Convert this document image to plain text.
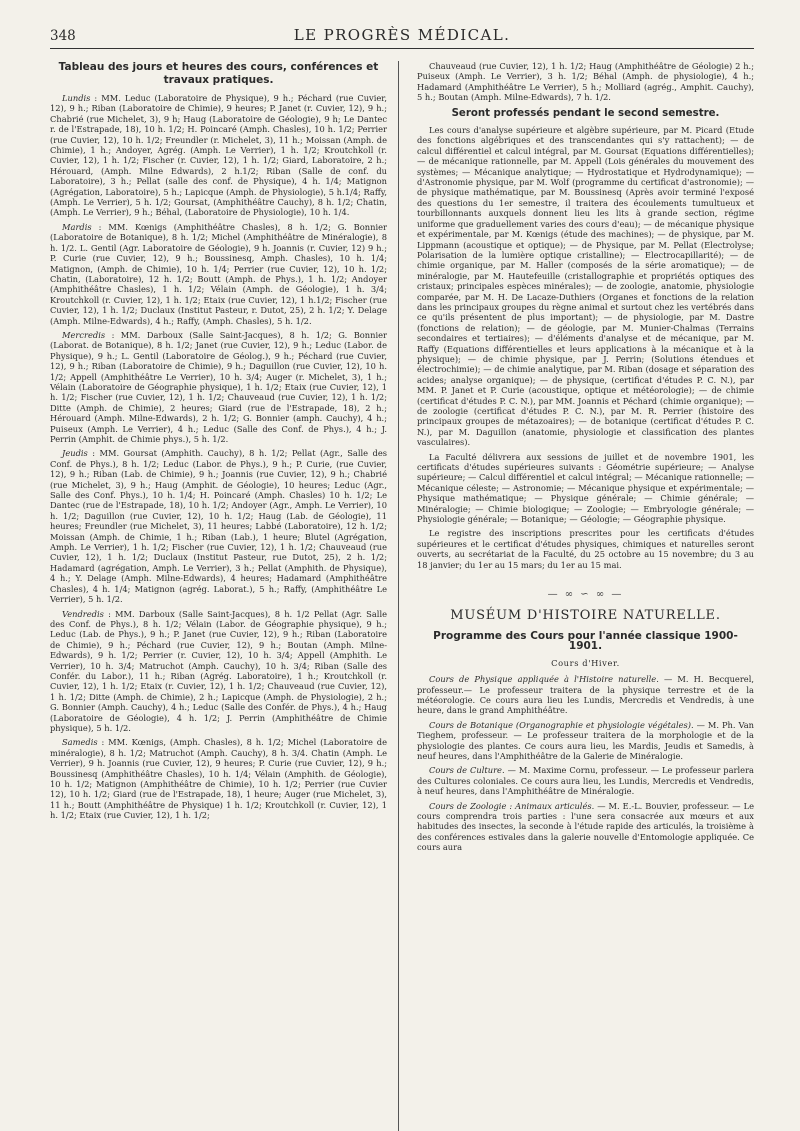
348	LE PROGRÈS MÉDICAL.
Tableau des jours et heures des cours, conférences et travaux pratiques.

Lundis : MM. Leduc (Laboratoire de Physique), 9 h.; Péchard (rue Cuvier, 12), 9 h.; Riban (Laboratoire de Chimie), 9 heures; P. Janet (r. Cuvier, 12), 9 h.; Chabrié (rue Michelet, 3), 9 h; Haug (Laboratoire de Géologie), 9 h; Le Dantec r. de l'Estrapade, 18), 10 h. 1/2; H. Poincaré (Amph. Chasles), 10 h. 1/2; Perrier (rue Cuvier, 12), 10 h. 1/2; Freundler (r. Michelet, 3), 11 h.; Moissan (Amph. de Chimie), 1 h.; Andoyer, Agrég. (Amph. Le Verrier), 1 h. 1/2; Kroutchkoll (r. Cuvier, 12), 1 h. 1/2; Fischer (r. Cuvier, 12), 1 h. 1/2; Giard, Laboratoire, 2 h.; Hérouard, (Amph. Milne Edwards), 2 h.1/2; Riban (Salle de conf. du Laboratoire), 3 h.; Pellat (salle des conf. de Physique), 4 h. 1/4; Matignon (Agrégation, Laboratoire), 5 h.; Lapicque (Amph. de Physiologie), 5 h.1/4; Raffy, (Amph. Le Verrier), 5 h. 1/2; Goursat, (Amphithéâtre Cauchy), 8 h. 1/2; Chatin, (Amph. Le Verrier), 9 h.; Béhal, (Laboratoire de Physiologie), 10 h. 1/4.

Mardis : MM. Kœnigs (Amphithéâtre Chasles), 8 h. 1/2; G. Bonnier (Laboratoire de Botanique), 8 h. 1/2; Michel (Amphithéâtre de Minéralogie), 8 h. 1/2. L. Gentil (Agr. Laboratoire de Géologie), 9 h. Joannis (r. Cuvier, 12) 9 h.; P. Curie (rue Cuvier, 12), 9 h.; Boussinesq, Amph. Chasles), 10 h. 1/4; Matignon, (Amph. de Chimie), 10 h. 1/4; Perrier (rue Cuvier, 12), 10 h. 1/2; Chatin, (Laboratoire), 12 h. 1/2; Boutt (Amph. de Phys.), 1 h. 1/2; Andoyer (Amphithéâtre Chasles), 1 h. 1/2; Vélain (Amph. de Géologie), 1 h. 3/4; Kroutchkoll (r. Cuvier, 12), 1 h. 1/2; Etaix (rue Cuvier, 12), 1 h.1/2; Fischer (rue Cuvier, 12), 1 h. 1/2; Duclaux (Institut Pasteur, r. Dutot, 25), 2 h. 1/2; Y. Delage (Amph. Milne-Edwards), 4 h.; Raffy, (Amph. Chasles), 5 h. 1/2.

Mercredis : MM. Darboux (Salle Saint-Jacques), 8 h. 1/2; G. Bonnier (Laborat. de Botanique), 8 h. 1/2; Janet (rue Cuvier, 12), 9 h.; Leduc (Labor. de Physique), 9 h.; L. Gentil (Laboratoire de Géolog.), 9 h.; Péchard (rue Cuvier, 12), 9 h.; Riban (Laboratoire de Chimie), 9 h.; Daguillon (rue Cuvier, 12), 10 h. 1/2; Appell (Amphithéâtre Le Verrier), 10 h. 3/4; Auger (r. Michelet, 3), 1 h.; Vélain (Laboratoire de Géographie physique), 1 h. 1/2; Etaix (rue Cuvier, 12), 1 h. 1/2; Fischer (rue Cuvier, 12), 1 h. 1/2; Chauveaud (rue Cuvier, 12), 1 h. 1/2; Ditte (Amph. de Chimie), 2 heures; Giard (rue de l'Estrapade, 18), 2 h.; Hérouard (Amph. Milne-Edwards), 2 h. 1/2; G. Bonnier (amph. Cauchy), 4 h.; Puiseux (Amph. Le Verrier), 4 h.; Leduc (Salle des Conf. de Phys.), 4 h.; J. Perrin (Amphit. de Chimie phys.), 5 h. 1/2.

Jeudis : MM. Goursat (Amphith. Cauchy), 8 h. 1/2; Pellat (Agr., Salle des Conf. de Phys.), 8 h. 1/2; Leduc (Labor. de Phys.), 9 h.; P. Curie, (rue Cuvier, 12), 9 h.; Riban (Lab. de Chimie), 9 h.; Joannis (rue Cuvier, 12), 9 h.; Chabrié (rue Michelet, 3), 9 h.; Haug (Amphit. de Géologie), 10 heures; Leduc (Agr., Salle des Conf. Phys.), 10 h. 1/4; H. Poincaré (Amph. Chasles) 10 h. 1/2; Le Dantec (rue de l'Estrapade, 18), 10 h. 1/2; Andoyer (Agr., Amph. Le Verrier), 10 h. 1/2; Daguillon (rue Cuvier, 12), 10 h. 1/2; Haug (Lab. de Géologie), 11 heures; Freundler (rue Michelet, 3), 11 heures; Labbé (Laboratoire), 12 h. 1/2; Moissan (Amph. de Chimie, 1 h.; Riban (Lab.), 1 heure; Blutel (Agrégation, Amph. Le Verrier), 1 h. 1/2; Fischer (rue Cuvier, 12), 1 h. 1/2; Chauveaud (rue Cuvier, 12), 1 h. 1/2; Duclaux (Institut Pasteur, rue Dutot, 25), 2 h. 1/2; Hadamard (agrégation, Amph. Le Verrier), 3 h.; Pellat (Amphith. de Physique), 4 h.; Y. Delage (Amph. Milne-Edwards), 4 heures; Hadamard (Amphithéâtre Chasles), 4 h. 1/4; Matignon (agrég. Laborat.), 5 h.; Raffy, (Amphithéâtre Le Verrier), 5 h. 1/2.

Vendredis : MM. Darboux (Salle Saint-Jacques), 8 h. 1/2 Pellat (Agr. Salle des Conf. de Phys.), 8 h. 1/2; Vélain (Labor. de Géographie physique), 9 h.; Leduc (Lab. de Phys.), 9 h.; P. Janet (rue Cuvier, 12), 9 h.; Riban (Laboratoire de Chimie), 9 h.; Péchard (rue Cuvier, 12), 9 h.; Boutan (Amph. Milne-Edwards), 9 h. 1/2; Perrier (r. Cuvier, 12), 10 h. 3/4; Appell (Amphith. Le Verrier), 10 h. 3/4; Matruchot (Amph. Cauchy), 10 h. 3/4; Riban (Salle des Confér. du Labor.), 11 h.; Riban (Agrég. Laboratoire), 1 h.; Kroutchkoll (r. Cuvier, 12), 1 h. 1/2; Etaix (r. Cuvier, 12), 1 h. 1/2; Chauveaud (rue Cuvier, 12), 1 h. 1/2; Ditte (Amph. de Chimie), 2 h.; Lapicque (Amph. de Physiologie), 2 h.; G. Bonnier (Amph. Cauchy), 4 h.; Leduc (Salle des Confér. de Phys.), 4 h.; Haug (Laboratoire de Géologie), 4 h. 1/2; J. Perrin (Amphithéâtre de Chimie physique), 5 h. 1/2.

Samedis : MM. Kœnigs, (Amph. Chasles), 8 h. 1/2; Michel (Laboratoire de minéralogie), 8 h. 1/2; Matruchot (Amph. Cauchy), 8 h. 3/4. Chatin (Amph. Le Verrier), 9 h. Joannis (rue Cuvier, 12), 9 heures; P. Curie (rue Cuvier, 12), 9 h.; Boussinesq (Amphithéâtre Chasles), 10 h. 1/4; Vélain (Amphith. de Géologie), 10 h. 1/2; Matignon (Amphithéâtre de Chimie), 10 h. 1/2; Perrier (rue Cuvier 12), 10 h. 1/2; Giard (rue de l'Estrapade, 18), 1 heure; Auger (rue Michelet, 3), 11 h.; Boutt (Amphithéâtre de Physique) 1 h. 1/2; Kroutchkoll (r. Cuvier, 12), 1 h. 1/2; Etaix (rue Cuvier, 12), 1 h. 1/2;

Chauveaud (rue Cuvier, 12), 1 h. 1/2; Haug (Amphithéâtre de Géologie) 2 h.; Puiseux (Amph. Le Verrier), 3 h. 1/2; Béhal (Amph. de physiologie), 4 h.; Hadamard (Amphithéâtre Le Verrier), 5 h.; Molliard (agrég., Amphit. Cauchy), 5 h.; Boutan (Amph. Milne-Edwards), 7 h. 1/2.

Seront professés pendant le second semestre.

Les cours d'analyse supérieure et algèbre supérieure, par M. Picard (Etude des fonctions algébriques et des transcendantes qui s'y rattachent); — de calcul différentiel et calcul intégral, par M. Goursat (Equations différentielles); — de mécanique rationnelle, par M. Appell (Lois générales du mouvement des systèmes; — Mécanique analytique; — Hydrostatique et Hydrodynamique); — d'Astronomie physique, par M. Wolf (programme du certificat d'astronomie); — de physique mathématique, par M. Boussinesq (Après avoir terminé l'exposé des questions du 1er semestre, il traitera des écoulements tumultueux et tourbillonnants auxquels donnent lieu les lits à grande section, régime uniforme que graduellement varies des cours d'eau); — de mécanique physique et expérimentale, par M. Kœnigs (étude des machines); — de physique, par M. Lippmann (acoustique et optique); — de Physique, par M. Pellat (Electrolyse; Polarisation de la lumière optique cristalline); — Electrocapillarité); — de chimie organique, par M. Haller (composés de la série aromatique); — de minéralogie, par M. Hautefeuille (cristallographie et propriétés optiques des cristaux; principales espèces minérales); — de zoologie, anatomie, physiologie comparée, par M. H. De Lacaze-Duthiers (Organes et fonctions de la relation dans les principaux groupes du règne animal et surtout chez les vertébrés dans ce qu'ils présentent de plus important); — de physiologie, par M. Dastre (fonctions de relation); — de géologie, par M. Munier-Chalmas (Terrains secondaires et tertiaires); — d'éléments d'analyse et de mécanique, par M. Raffy (Equations différentielles et leurs applications à la mécanique et à la physique); — de chimie physique, par J. Perrin; (Solutions étendues et électrochimie); — de chimie analytique, par M. Riban (dosage et séparation des acides; analyse organique); — de physique, (certificat d'études P. C. N.), par MM. P. Janet et P. Curie (acoustique, optique et météorologie); — de chimie (certificat d'études P. C. N.), par MM. Joannis et Péchard (chimie organique); — de zoologie (certificat d'études P. C. N.), par M. R. Perrier (histoire des principaux groupes de métazoaires); — de botanique (certificat d'études P. C. N.), par M. Daguillon (anatomie, physiologie et classification des plantes vasculaires).

La Faculté délivrera aux sessions de juillet et de novembre 1901, les certificats d'études supérieures suivants : Géométrie supérieure; — Analyse supérieure; — Calcul différentiel et calcul intégral; — Mécanique rationnelle; — Mécanique céleste; — Astronomie; — Mécanique physique et expérimentale; — Physique mathématique; — Physique générale; — Chimie générale; — Minéralogie; — Chimie biologique; — Zoologie; — Embryologie générale; — Physiologie générale; — Botanique; — Géologie; — Géographie physique.

Le registre des inscriptions prescrites pour les certificats d'études supérieures et le certificat d'études physiques, chimiques et naturelles seront ouverts, au secrétariat de la Faculté, du 25 octobre au 15 novembre; du 3 au 18 janvier; du 1er au 15 mars; du 1er au 15 mai.

— ∞ ∽ ∞ —
MUSÉUM D'HISTOIRE NATURELLE.
Programme des Cours pour l'année classique 1900-1901.
Cours d'Hiver.

Cours de Physique appliquée à l'Histoire naturelle. — M. H. Becquerel, professeur.— Le professeur traitera de la physique terrestre et de la météorologie. Ce cours aura lieu les Lundis, Mercredis et Vendredis, à une heure, dans le grand Amphithéâtre.

Cours de Botanique (Organographie et physiologie végétales). — M. Ph. Van Tieghem, professeur. — Le professeur traitera de la morphologie et de la physiologie des plantes. Ce cours aura lieu, les Mardis, Jeudis et Samedis, à neuf heures, dans l'Amphithéâtre de la Galerie de Minéralogie.

Cours de Culture. — M. Maxime Cornu, professeur. — Le professeur parlera des Cultures coloniales. Ce cours aura lieu, les Lundis, Mercredis et Vendredis, à neuf heures, dans l'Amphithéâtre de Minéralogie.

Cours de Zoologie : Animaux articulés. — M. E.-L. Bouvier, professeur. — Le cours comprendra trois parties : l'une sera consacrée aux mœurs et aux habitudes des insectes, la seconde à l'étude rapide des articulés, la troisième à des conférences estivales dans la galerie nouvelle d'Entomologie appliquée. Ce cours aura
